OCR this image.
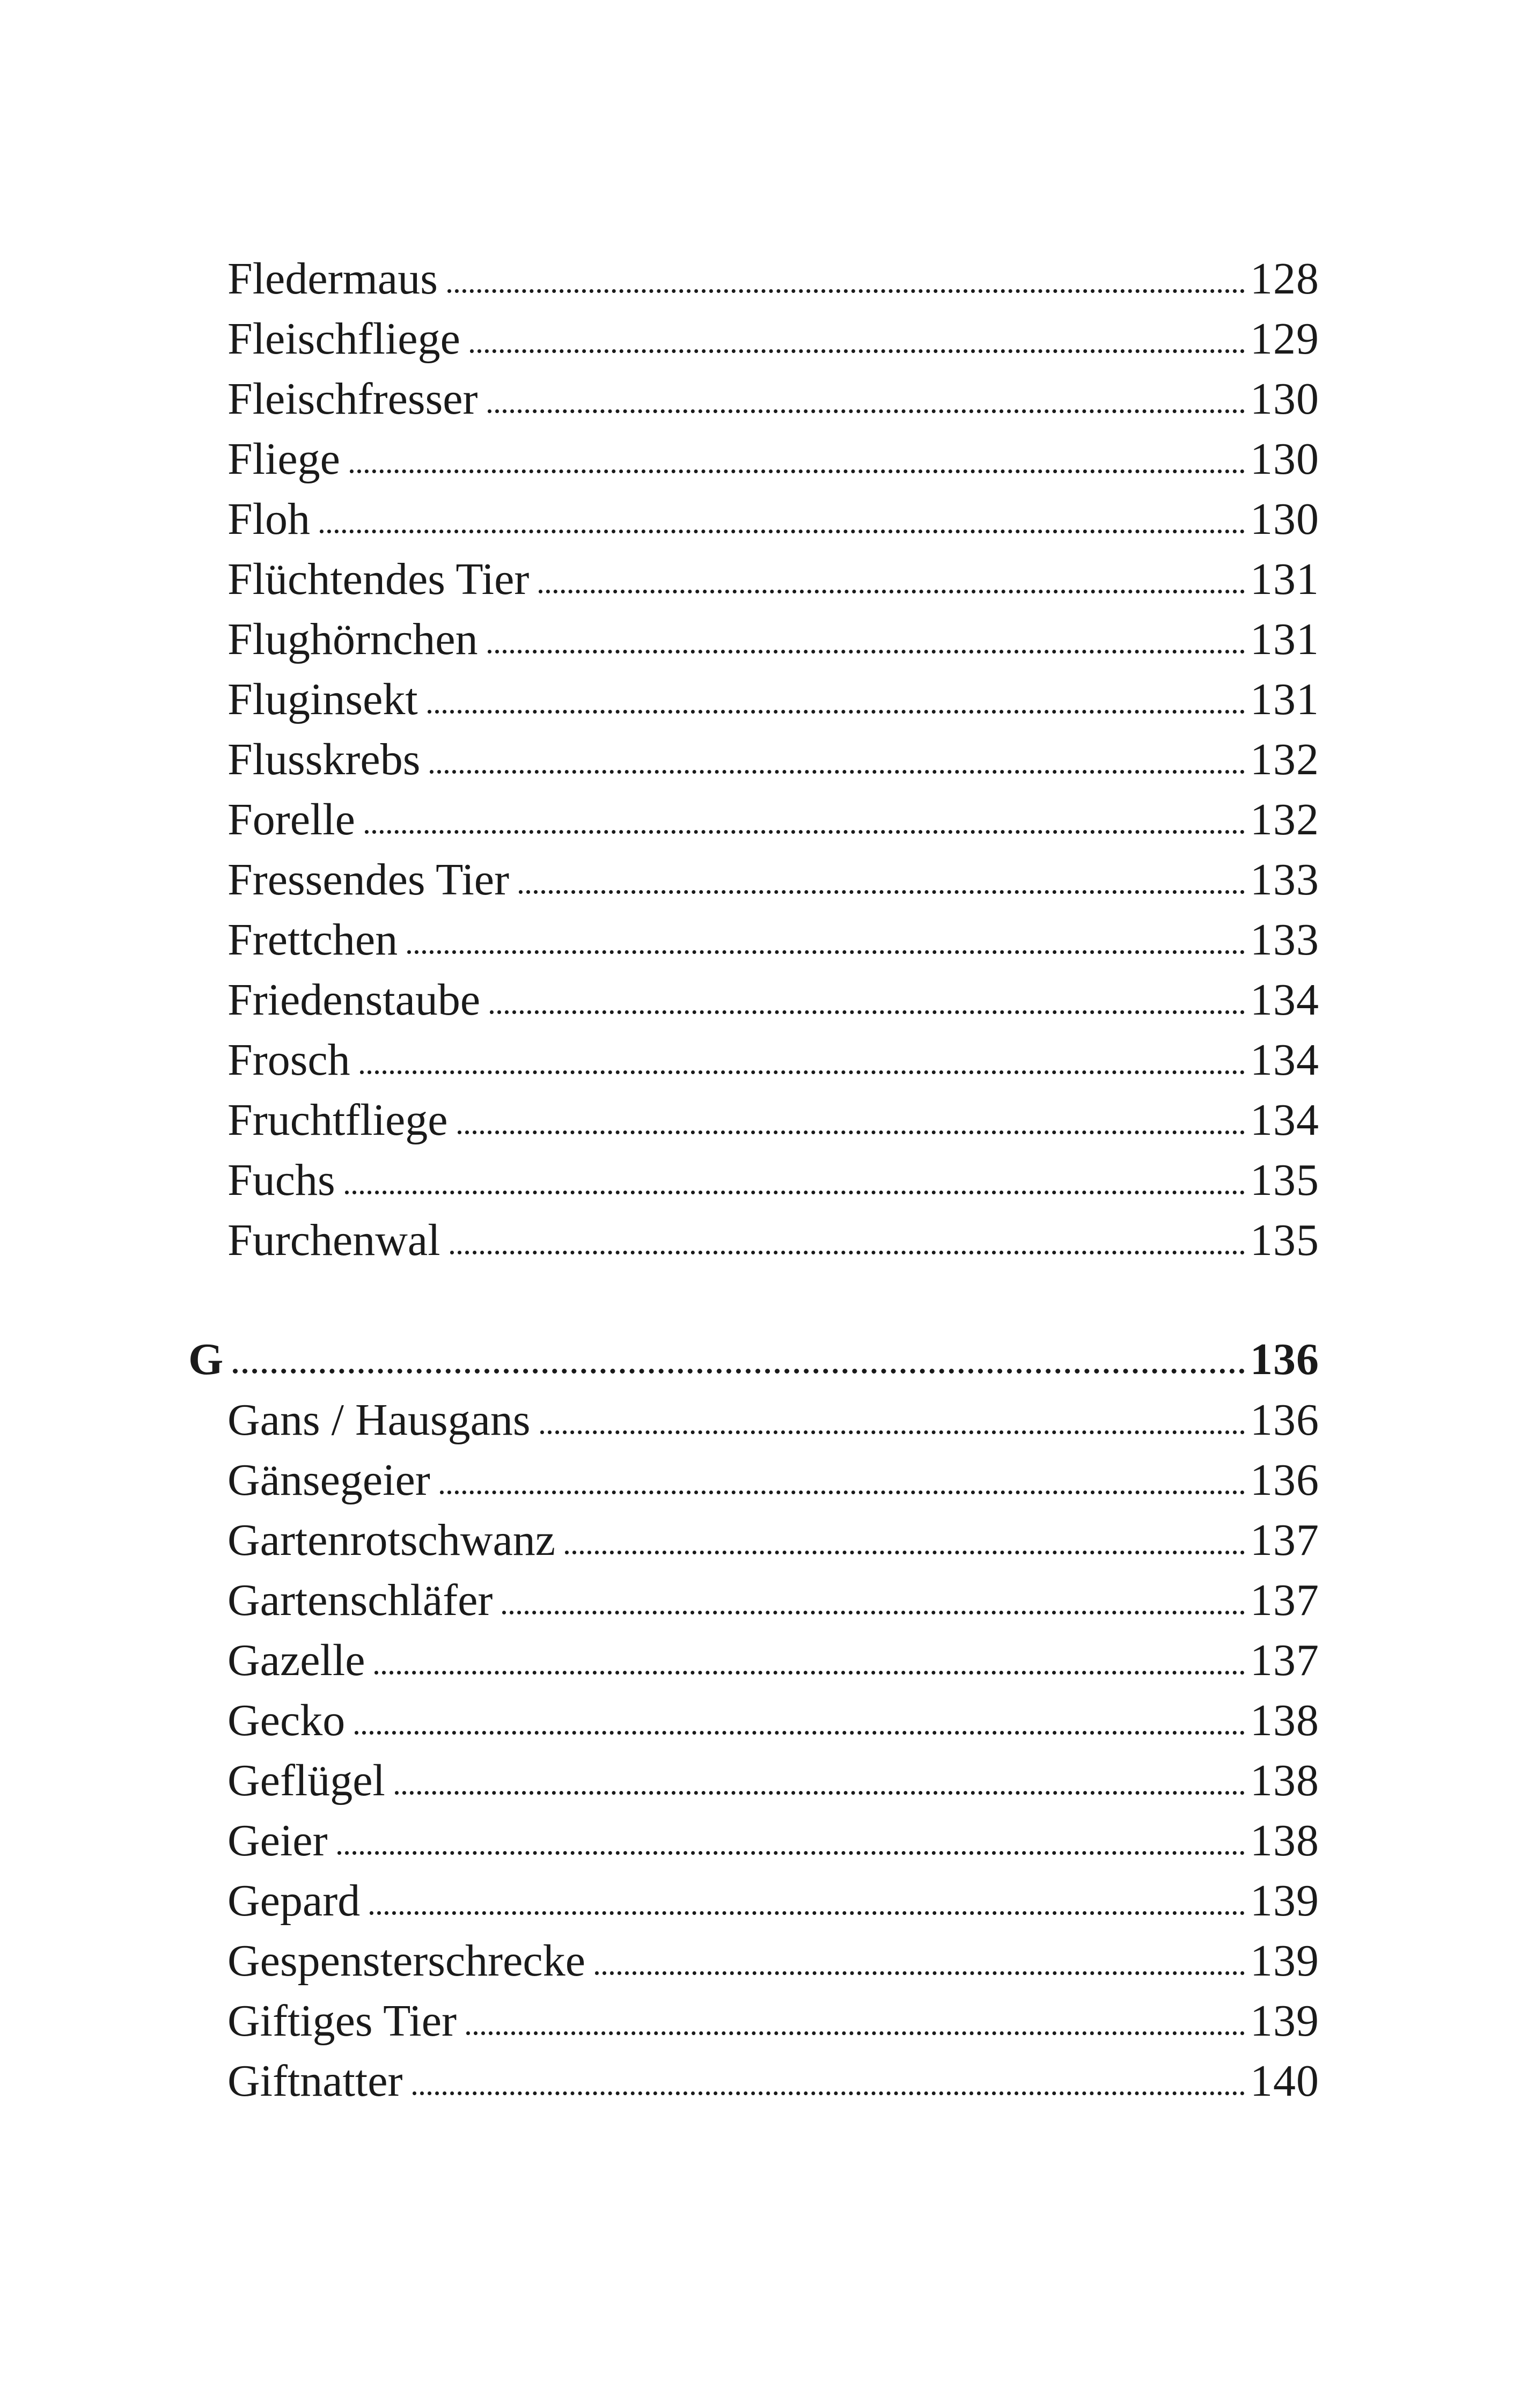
Fledermaus	128
Fleischfliege	129
Fleischfresser	130
Fliege	130
Floh	130
Flüchtendes Tier	131
Flughörnchen	131
Fluginsekt	131
Flusskrebs	132
Forelle	132
Fressendes Tier	133
Frettchen	133
Friedenstaube	134
Frosch	134
Fruchtfliege	134
Fuchs	135
Furchenwal	135
G	136
Gans / Hausgans	136
Gänsegeier	136
Gartenrotschwanz	137
Gartenschläfer	137
Gazelle	137
Gecko	138
Geflügel	138
Geier	138
Gepard	139
Gespensterschrecke	139
Giftiges Tier	139
Giftnatter	140
